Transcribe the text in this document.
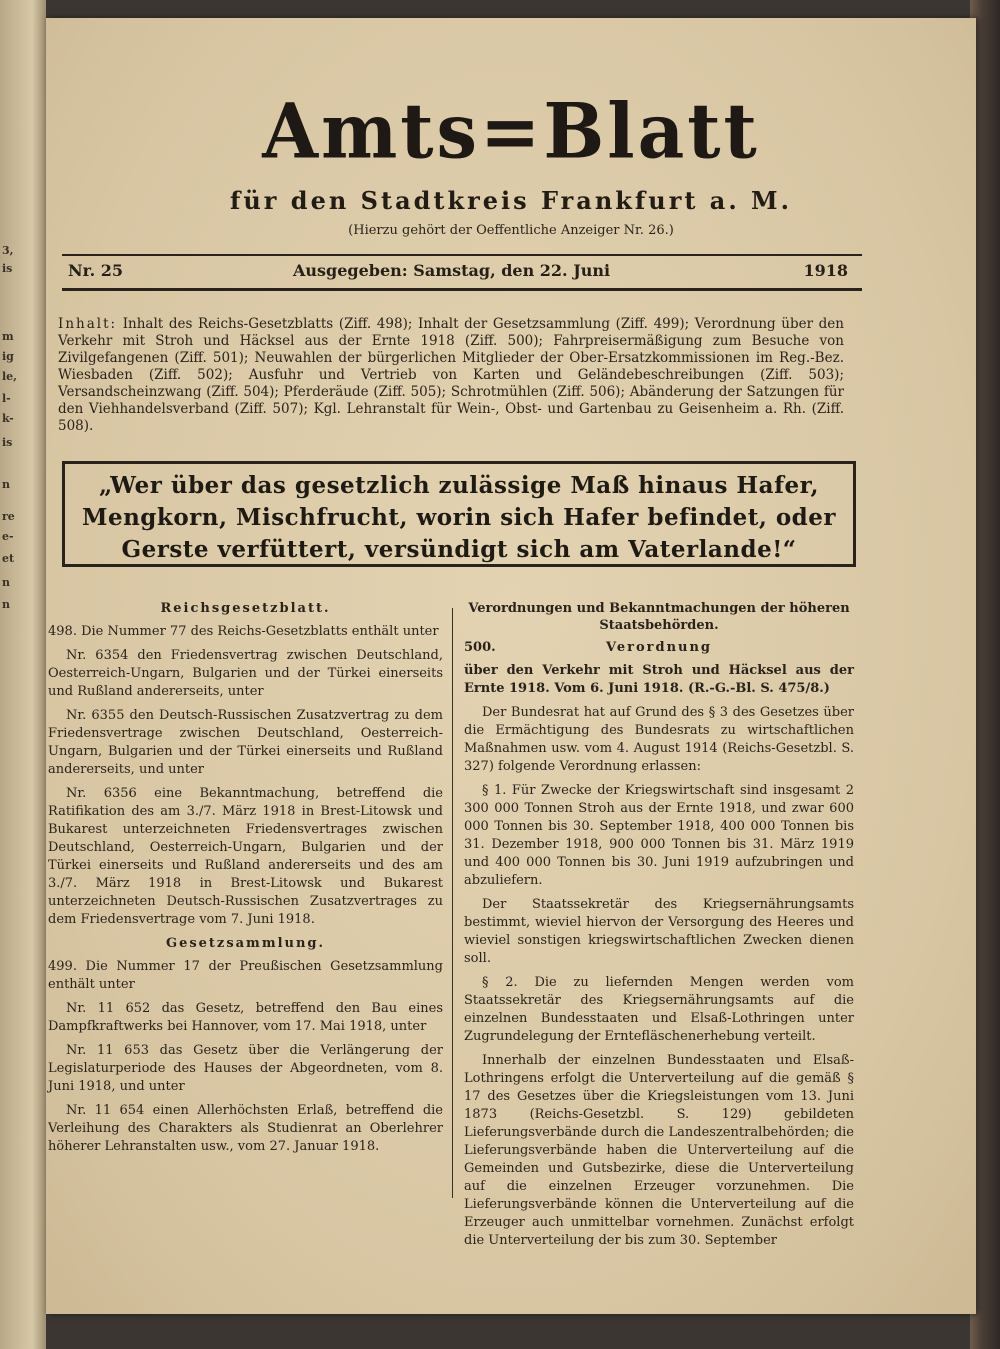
3,
is
m
ig
le,
l-
k-
is
n
re
e-
et
n
n
Amts=Blatt
für den Stadtkreis Frankfurt a. M.
(Hierzu gehört der Oeffentliche Anzeiger Nr. 26.)
Nr. 25	Ausgegeben: Samstag, den 22. Juni	1918
Inhalt: Inhalt des Reichs-Gesetzblatts (Ziff. 498); Inhalt der Gesetzsammlung (Ziff. 499); Verordnung über den Verkehr mit Stroh und Häcksel aus der Ernte 1918 (Ziff. 500); Fahrpreisermäßigung zum Besuche von Zivilgefangenen (Ziff. 501); Neuwahlen der bürgerlichen Mitglieder der Ober-Ersatzkommissionen im Reg.-Bez. Wiesbaden (Ziff. 502); Ausfuhr und Vertrieb von Karten und Geländebeschreibungen (Ziff. 503); Versandscheinzwang (Ziff. 504); Pferderäude (Ziff. 505); Schrotmühlen (Ziff. 506); Abänderung der Satzungen für den Viehhandelsverband (Ziff. 507); Kgl. Lehranstalt für Wein-, Obst- und Gartenbau zu Geisenheim a. Rh. (Ziff. 508).
„Wer über das gesetzlich zulässige Maß hinaus Hafer, Mengkorn, Mischfrucht, worin sich Hafer befindet, oder Gerste verfüttert, versündigt sich am Vaterlande!“

Reichsgesetzblatt.

498. Die Nummer 77 des Reichs-Gesetzblatts enthält unter

Nr. 6354 den Friedensvertrag zwischen Deutschland, Oesterreich-Ungarn, Bulgarien und der Türkei einerseits und Rußland andererseits, unter

Nr. 6355 den Deutsch-Russischen Zusatzvertrag zu dem Friedensvertrage zwischen Deutschland, Oesterreich-Ungarn, Bulgarien und der Türkei einerseits und Rußland andererseits, und unter

Nr. 6356 eine Bekanntmachung, betreffend die Ratifikation des am 3./7. März 1918 in Brest-Litowsk und Bukarest unterzeichneten Friedensvertrages zwischen Deutschland, Oesterreich-Ungarn, Bulgarien und der Türkei einerseits und Rußland andererseits und des am 3./7. März 1918 in Brest-Litowsk und Bukarest unterzeichneten Deutsch-Russischen Zusatzvertrages zu dem Friedensvertrage vom 7. Juni 1918.

Gesetzsammlung.

499. Die Nummer 17 der Preußischen Gesetzsammlung enthält unter

Nr. 11 652 das Gesetz, betreffend den Bau eines Dampfkraftwerks bei Hannover, vom 17. Mai 1918, unter

Nr. 11 653 das Gesetz über die Verlängerung der Legislaturperiode des Hauses der Abgeordneten, vom 8. Juni 1918, und unter

Nr. 11 654 einen Allerhöchsten Erlaß, betreffend die Verleihung des Charakters als Studienrat an Oberlehrer höherer Lehranstalten usw., vom 27. Januar 1918.

Verordnungen und Bekanntmachungen der höheren Staatsbehörden.

500.	Verordnung

über den Verkehr mit Stroh und Häcksel aus der Ernte 1918. Vom 6. Juni 1918. (R.-G.-Bl. S. 475/8.)

Der Bundesrat hat auf Grund des § 3 des Gesetzes über die Ermächtigung des Bundesrats zu wirtschaftlichen Maßnahmen usw. vom 4. August 1914 (Reichs-Gesetzbl. S. 327) folgende Verordnung erlassen:

§ 1. Für Zwecke der Kriegswirtschaft sind insgesamt 2 300 000 Tonnen Stroh aus der Ernte 1918, und zwar 600 000 Tonnen bis 30. September 1918, 400 000 Tonnen bis 31. Dezember 1918, 900 000 Tonnen bis 31. März 1919 und 400 000 Tonnen bis 30. Juni 1919 aufzubringen und abzuliefern.

Der Staatssekretär des Kriegsernährungsamts bestimmt, wieviel hiervon der Versorgung des Heeres und wieviel sonstigen kriegswirtschaftlichen Zwecken dienen soll.

§ 2. Die zu liefernden Mengen werden vom Staatssekretär des Kriegsernährungsamts auf die einzelnen Bundesstaaten und Elsaß-Lothringen unter Zugrundelegung der Erntefläschenerhebung verteilt.

Innerhalb der einzelnen Bundesstaaten und Elsaß-Lothringens erfolgt die Unterverteilung auf die gemäß § 17 des Gesetzes über die Kriegsleistungen vom 13. Juni 1873 (Reichs-Gesetzbl. S. 129) gebildeten Lieferungsverbände durch die Landeszentralbehörden; die Lieferungsverbände haben die Unterverteilung auf die Gemeinden und Gutsbezirke, diese die Unterverteilung auf die einzelnen Erzeuger vorzunehmen. Die Lieferungsverbände können die Unterverteilung auf die Erzeuger auch unmittelbar vornehmen. Zunächst erfolgt die Unterverteilung der bis zum 30. September
